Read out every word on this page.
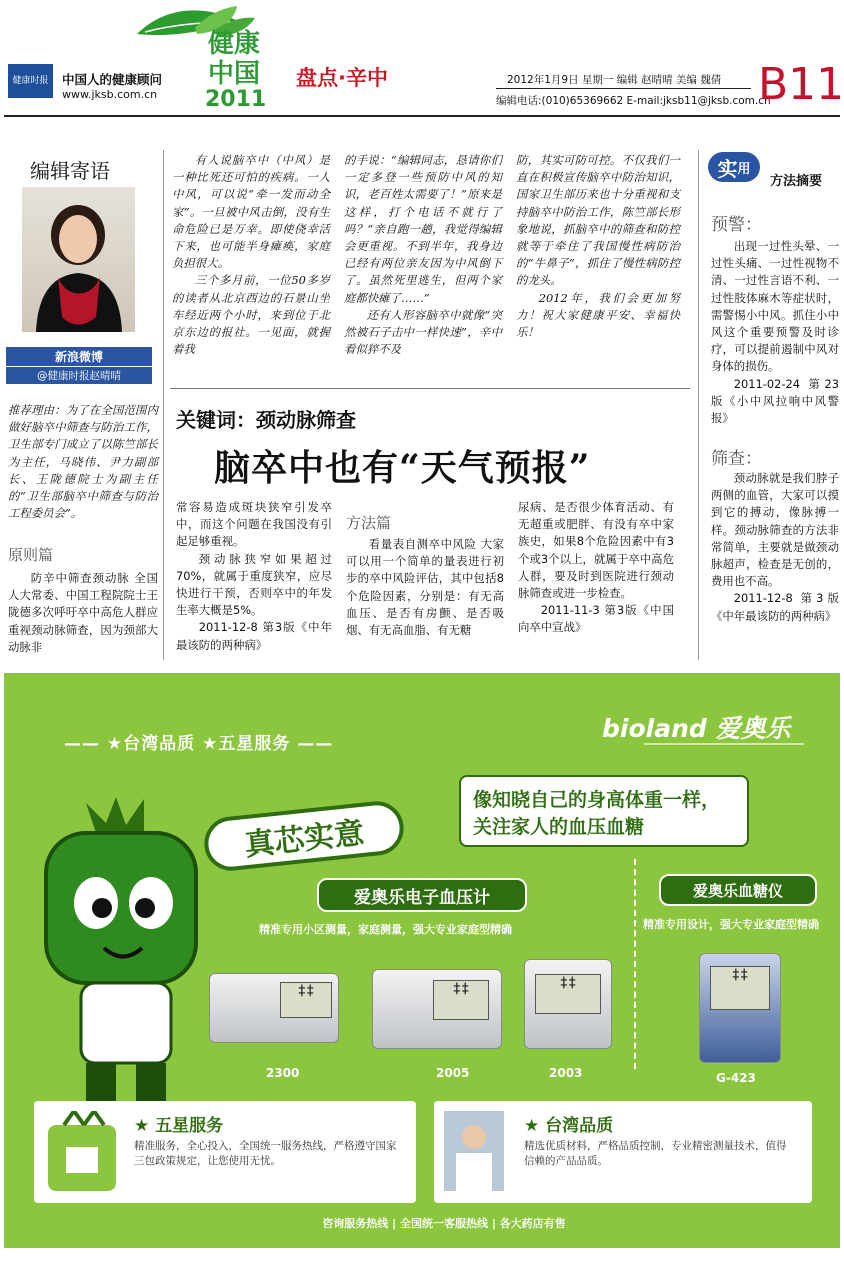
健康时报 中国人的健康顾问
www.jksb.com.cn
健康
中国
2011
盘点·辛中	2012年1月9日 星期一 编辑 赵晴晴 美编 魏倩
编辑电话:(010)65369662 E-mail:jksb11@jksb.com.cn
B11
编辑寄语
新浪微博
@健康时报赵晴晴
推荐理由：为了在全国范围内做好脑卒中筛查与防治工作，卫生部专门成立了以陈竺部长为主任，马晓伟、尹力副部长、王陇德院士为副主任的“卫生部脑卒中筛查与防治工程委员会”。
原则篇
防辛中筛查颈动脉 全国人大常委、中国工程院院士王陇德多次呼吁卒中高危人群应重视颈动脉筛查，因为颈部大动脉非

有人说脑卒中（中风）是一种比死还可怕的疾病。一人中风，可以说“牵一发而动全家”。一旦被中风击倒，没有生命危险已是万幸。即使侥幸活下来，也可能半身瘫痪，家庭负担很大。

三个多月前，一位50多岁的读者从北京西边的石景山坐车经近两个小时，来到位于北京东边的报社。一见面，就握着我

的手说：“编辑同志，恳请你们一定多登一些预防中风的知识，老百姓太需要了！”原来是这样，打个电话不就行了吗？“亲自跑一趟，我觉得编辑会更重视。不到半年，我身边已经有两位亲友因为中风倒下了。虽然死里逃生，但两个家庭都快瘫了……”

还有人形容脑卒中就像“突然被石子击中一样快速”，辛中看似猝不及

防，其实可防可控。不仅我们一直在积极宣传脑卒中防治知识，国家卫生部历来也十分重视和支持脑卒中防治工作，陈竺部长形象地说，抓脑卒中的筛查和防控就等于牵住了我国慢性病防治的“牛鼻子”，抓住了慢性病防控的龙头。

2012年，我们会更加努力！祝大家健康平安、幸福快乐！

关键词：颈动脉筛查
脑卒中也有“天气预报”

常容易造成斑块狭窄引发卒中，而这个问题在我国没有引起足够重视。

颈动脉狭窄如果超过70%，就属于重度狭窄，应尽快进行干预，否则卒中的年发生率大概是5%。

2011-12-8 第3版《中年最该防的两种病》

方法篇
看量表自测卒中风险 大家可以用一个简单的量表进行初步的卒中风险评估，其中包括8个危险因素，分别是：有无高血压、是否有房颤、是否吸烟、有无高血脂、有无糖

尿病、是否很少体育活动、有无超重或肥胖、有没有卒中家族史，如果8个危险因素中有3个或3个以上，就属于卒中高危人群，要及时到医院进行颈动脉筛查或进一步检查。

2011-11-3 第3版《中国向卒中宣战》

实 用
方法摘要
预警：

出现一过性头晕、一过性头痛、一过性视物不清、一过性言语不利、一过性肢体麻木等症状时，需警惕小中风。抓住小中风这个重要预警及时诊疗，可以提前遏制中风对身体的损伤。

2011-02-24 第23版《小中风拉响中风警报》

筛查：

颈动脉就是我们脖子两侧的血管，大家可以摸到它的搏动，像脉搏一样。颈动脉筛查的方法非常简单，主要就是做颈动脉超声，检查是无创的，费用也不高。

2011-12-8 第3版《中年最该防的两种病》

—— ★台湾品质 ★五星服务 ——
bioland 爱奥乐
真芯实意
像知晓自己的身高体重一样，
关注家人的血压血糖
爱奥乐电子血压计
精准专用小区测量，家庭测量，强大专业家庭型精确
爱奥乐血糖仪
精准专用设计，强大专业家庭型精确
‡‡	‡‡	‡‡	‡‡
2300	2005	2003	G-423
★ 五星服务
精准服务，全心投入，全国统一服务热线，严格遵守国家三包政策规定，让您使用无忧。
★ 台湾品质
精选优质材料，严格品质控制，专业精密测量技术，值得信赖的产品品质。
咨询服务热线 | 全国统一客服热线 | 各大药店有售
